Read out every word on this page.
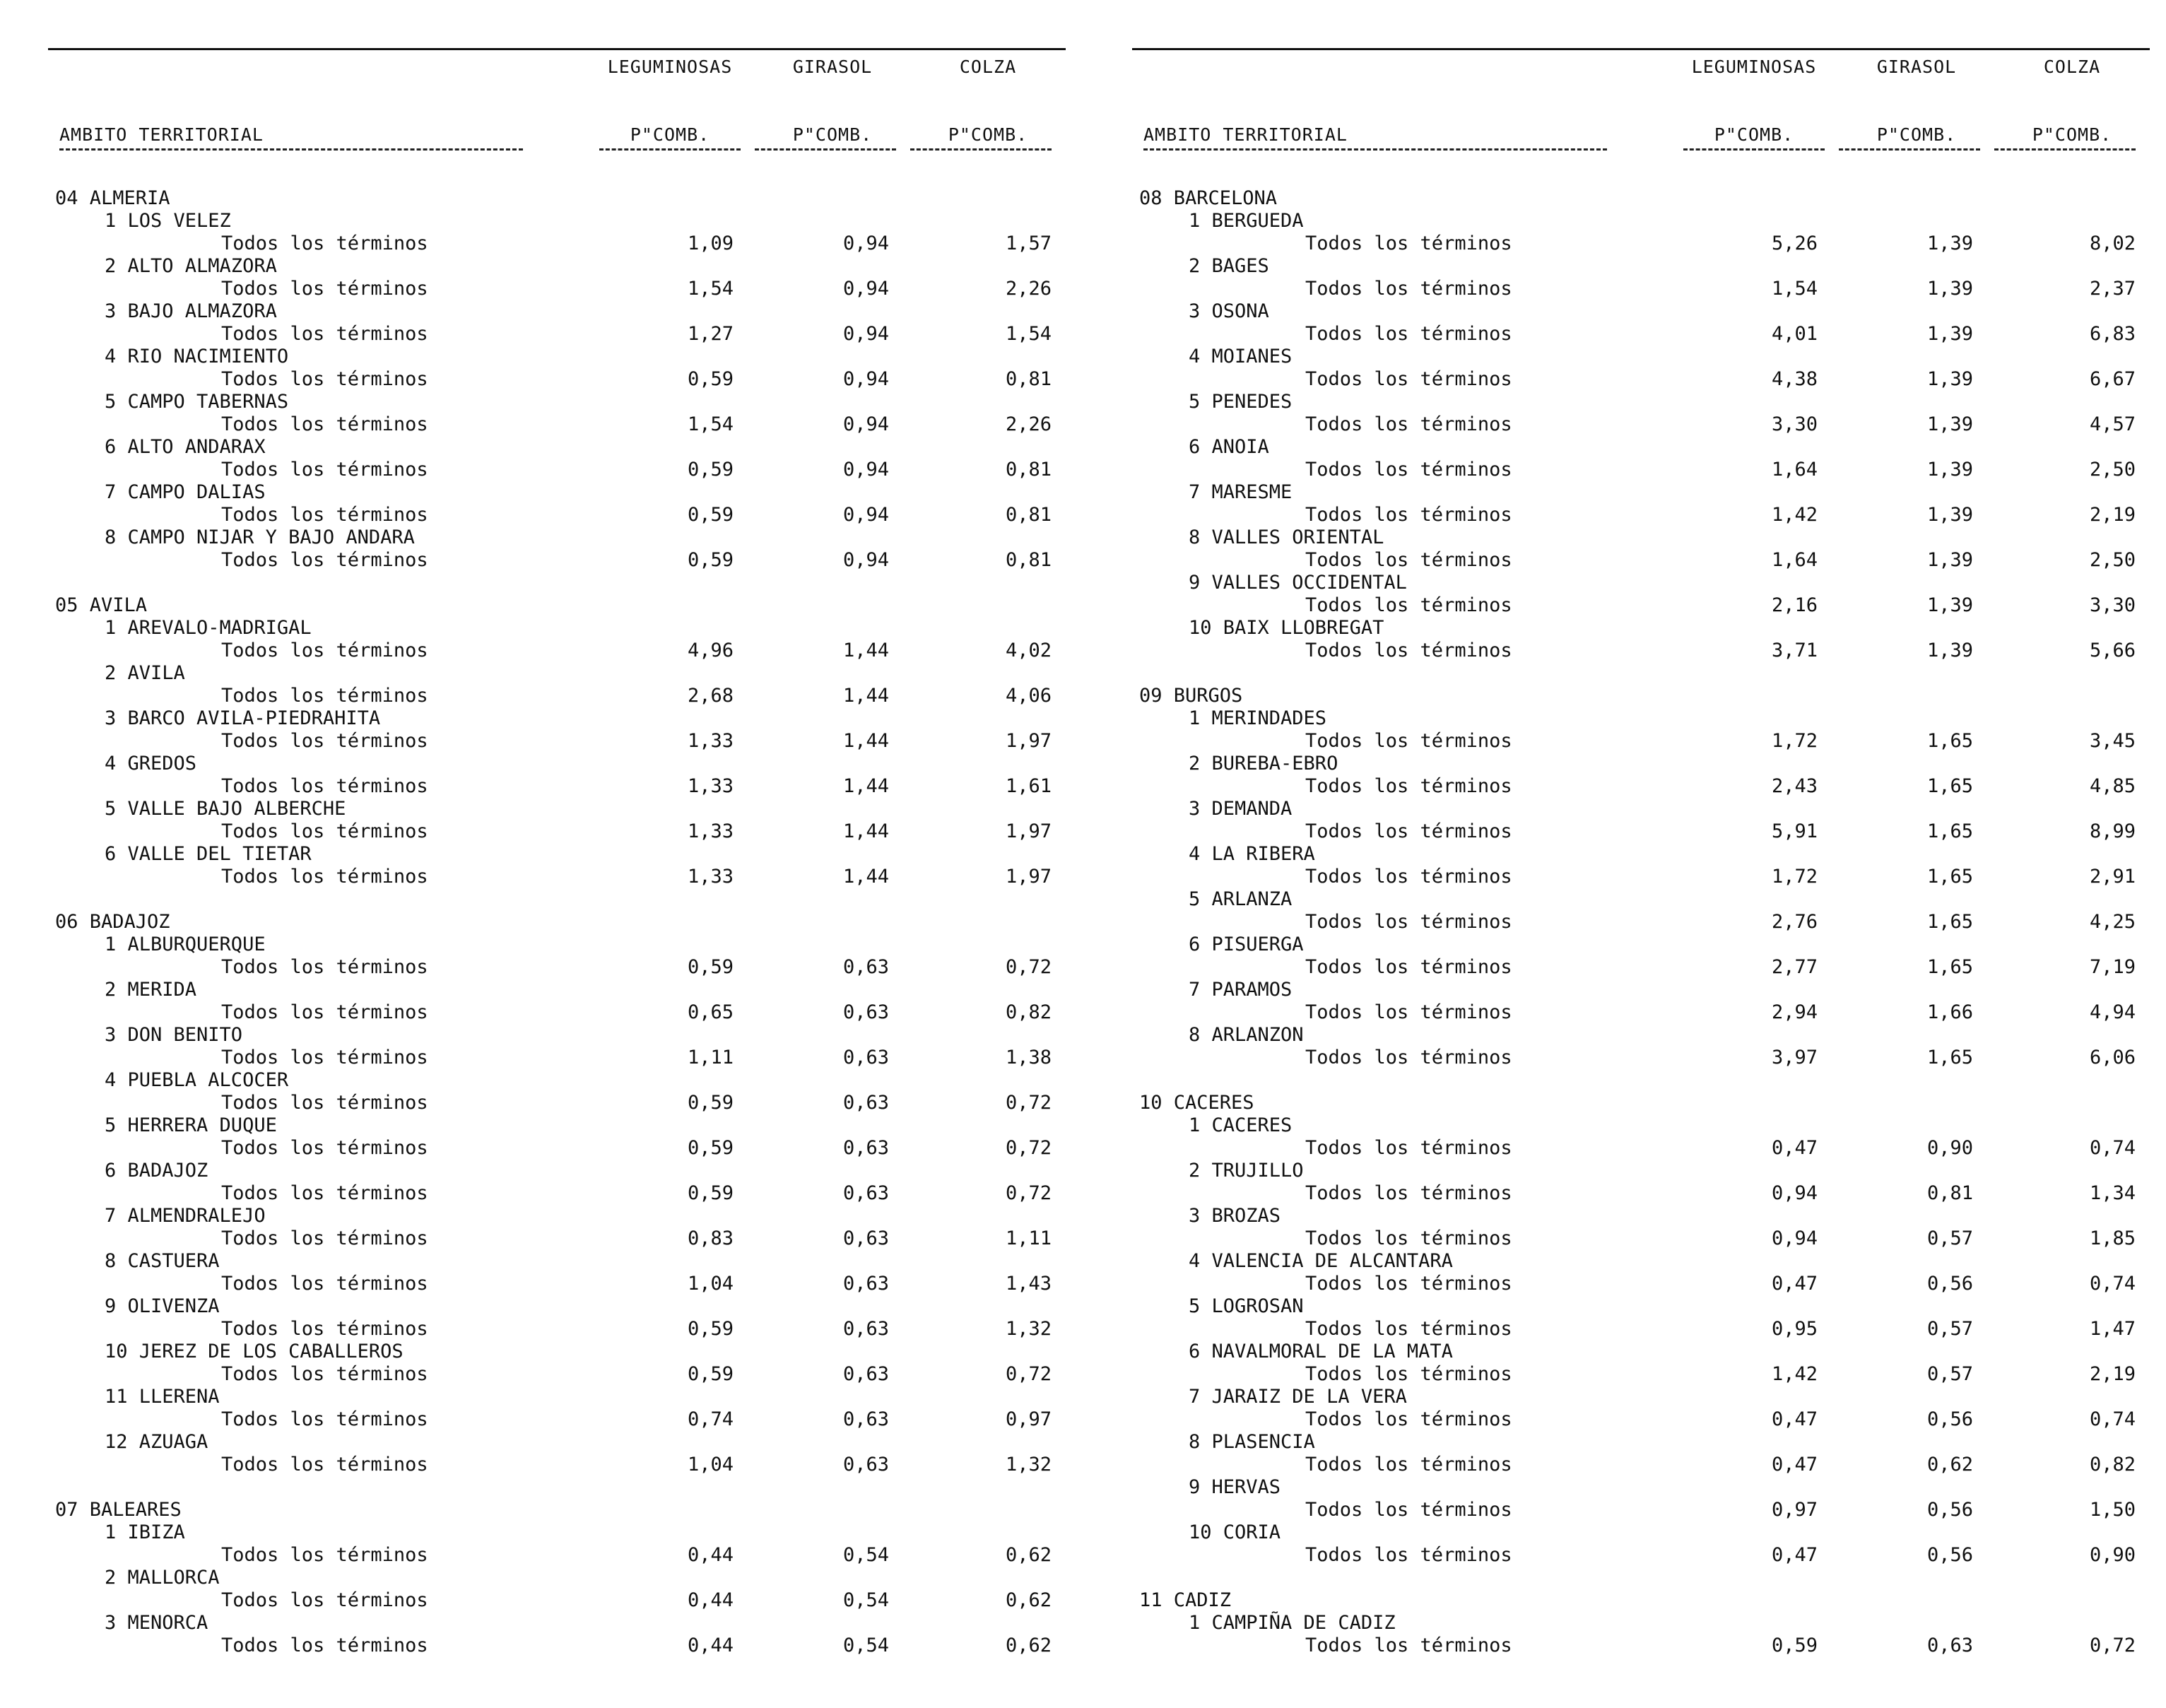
LEGUMINOSAS	GIRASOL	COLZA
AMBITO TERRITORIAL	P"COMB.	P"COMB.	P"COMB.
04 ALMERIA
1 LOS VELEZ
Todos los términos	1,09	0,94	1,57
2 ALTO ALMAZORA
Todos los términos	1,54	0,94	2,26
3 BAJO ALMAZORA
Todos los términos	1,27	0,94	1,54
4 RIO NACIMIENTO
Todos los términos	0,59	0,94	0,81
5 CAMPO TABERNAS
Todos los términos	1,54	0,94	2,26
6 ALTO ANDARAX
Todos los términos	0,59	0,94	0,81
7 CAMPO DALIAS
Todos los términos	0,59	0,94	0,81
8 CAMPO NIJAR Y BAJO ANDARA
Todos los términos	0,59	0,94	0,81
05 AVILA
1 AREVALO-MADRIGAL
Todos los términos	4,96	1,44	4,02
2 AVILA
Todos los términos	2,68	1,44	4,06
3 BARCO AVILA-PIEDRAHITA
Todos los términos	1,33	1,44	1,97
4 GREDOS
Todos los términos	1,33	1,44	1,61
5 VALLE BAJO ALBERCHE
Todos los términos	1,33	1,44	1,97
6 VALLE DEL TIETAR
Todos los términos	1,33	1,44	1,97
06 BADAJOZ
1 ALBURQUERQUE
Todos los términos	0,59	0,63	0,72
2 MERIDA
Todos los términos	0,65	0,63	0,82
3 DON BENITO
Todos los términos	1,11	0,63	1,38
4 PUEBLA ALCOCER
Todos los términos	0,59	0,63	0,72
5 HERRERA DUQUE
Todos los términos	0,59	0,63	0,72
6 BADAJOZ
Todos los términos	0,59	0,63	0,72
7 ALMENDRALEJO
Todos los términos	0,83	0,63	1,11
8 CASTUERA
Todos los términos	1,04	0,63	1,43
9 OLIVENZA
Todos los términos	0,59	0,63	1,32
10 JEREZ DE LOS CABALLEROS
Todos los términos	0,59	0,63	0,72
11 LLERENA
Todos los términos	0,74	0,63	0,97
12 AZUAGA
Todos los términos	1,04	0,63	1,32
07 BALEARES
1 IBIZA
Todos los términos	0,44	0,54	0,62
2 MALLORCA
Todos los términos	0,44	0,54	0,62
3 MENORCA
Todos los términos	0,44	0,54	0,62
LEGUMINOSAS	GIRASOL	COLZA
AMBITO TERRITORIAL	P"COMB.	P"COMB.	P"COMB.
08 BARCELONA
1 BERGUEDA
Todos los términos	5,26	1,39	8,02
2 BAGES
Todos los términos	1,54	1,39	2,37
3 OSONA
Todos los términos	4,01	1,39	6,83
4 MOIANES
Todos los términos	4,38	1,39	6,67
5 PENEDES
Todos los términos	3,30	1,39	4,57
6 ANOIA
Todos los términos	1,64	1,39	2,50
7 MARESME
Todos los términos	1,42	1,39	2,19
8 VALLES ORIENTAL
Todos los términos	1,64	1,39	2,50
9 VALLES OCCIDENTAL
Todos los términos	2,16	1,39	3,30
10 BAIX LLOBREGAT
Todos los términos	3,71	1,39	5,66
09 BURGOS
1 MERINDADES
Todos los términos	1,72	1,65	3,45
2 BUREBA-EBRO
Todos los términos	2,43	1,65	4,85
3 DEMANDA
Todos los términos	5,91	1,65	8,99
4 LA RIBERA
Todos los términos	1,72	1,65	2,91
5 ARLANZA
Todos los términos	2,76	1,65	4,25
6 PISUERGA
Todos los términos	2,77	1,65	7,19
7 PARAMOS
Todos los términos	2,94	1,66	4,94
8 ARLANZON
Todos los términos	3,97	1,65	6,06
10 CACERES
1 CACERES
Todos los términos	0,47	0,90	0,74
2 TRUJILLO
Todos los términos	0,94	0,81	1,34
3 BROZAS
Todos los términos	0,94	0,57	1,85
4 VALENCIA DE ALCANTARA
Todos los términos	0,47	0,56	0,74
5 LOGROSAN
Todos los términos	0,95	0,57	1,47
6 NAVALMORAL DE LA MATA
Todos los términos	1,42	0,57	2,19
7 JARAIZ DE LA VERA
Todos los términos	0,47	0,56	0,74
8 PLASENCIA
Todos los términos	0,47	0,62	0,82
9 HERVAS
Todos los términos	0,97	0,56	1,50
10 CORIA
Todos los términos	0,47	0,56	0,90
11 CADIZ
1 CAMPIÑA DE CADIZ
Todos los términos	0,59	0,63	0,72
